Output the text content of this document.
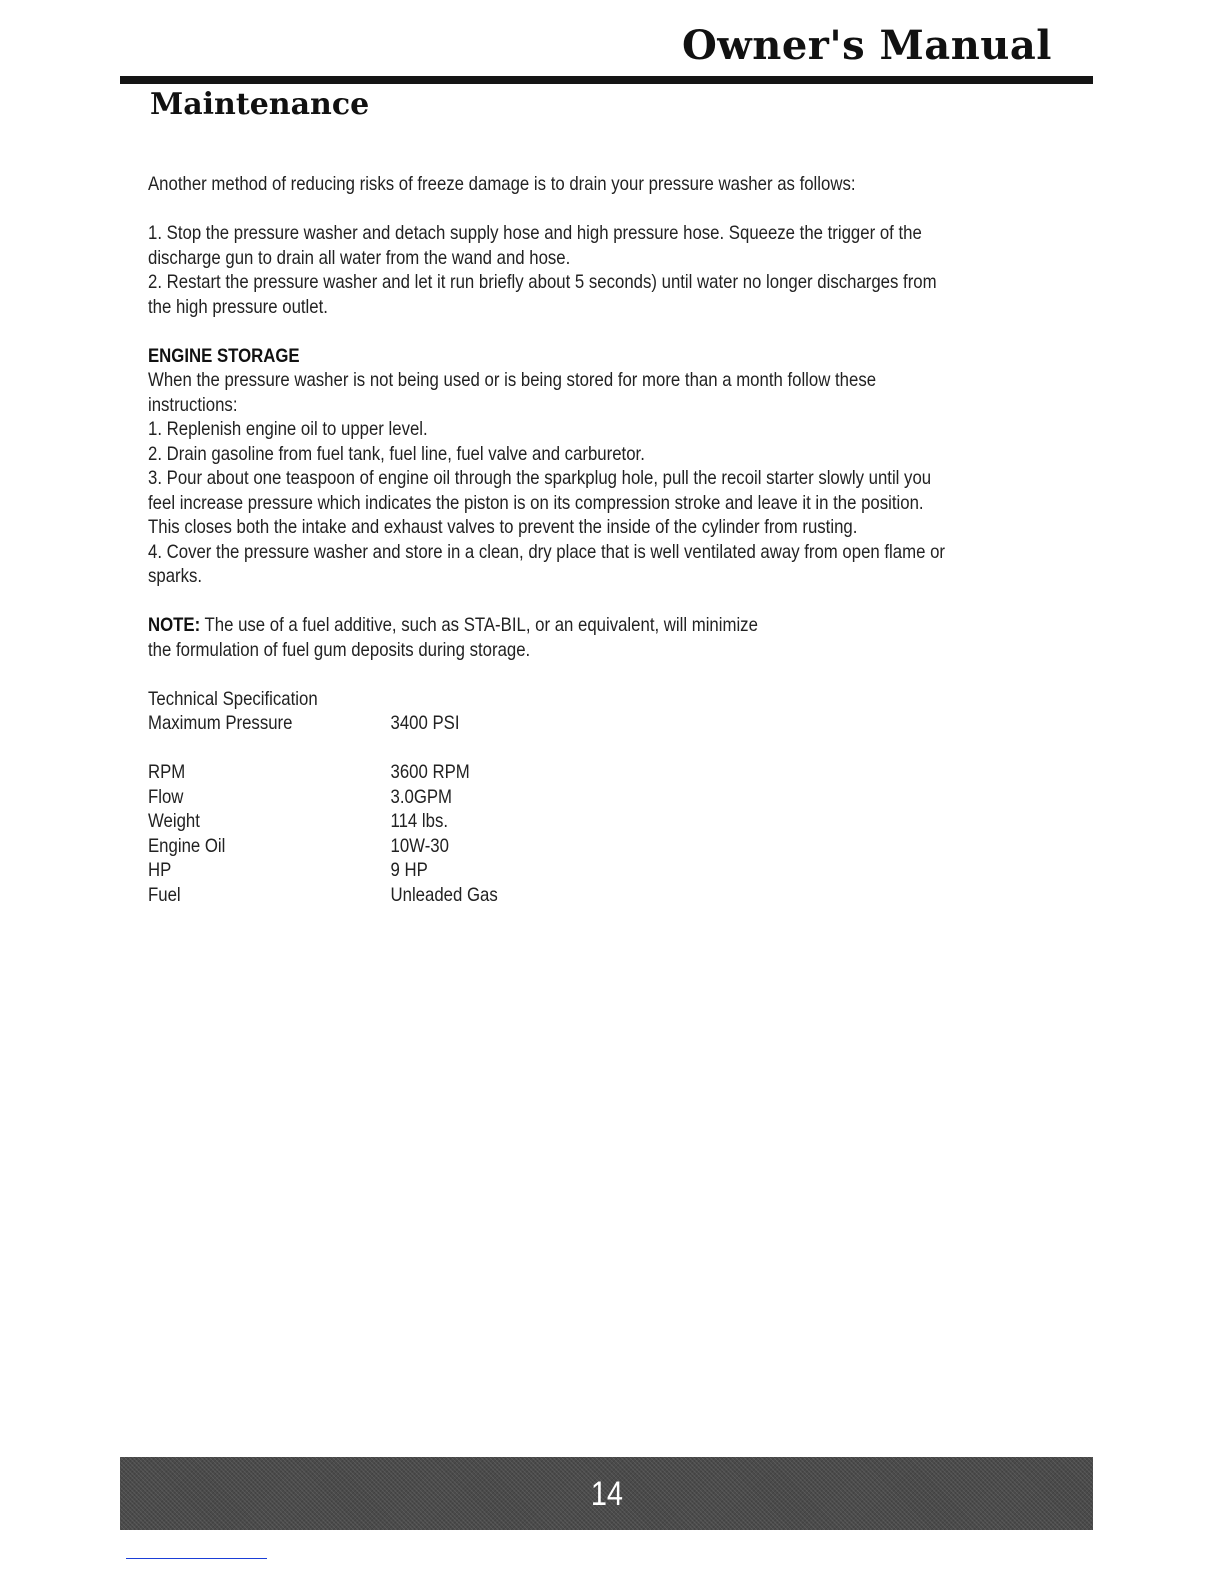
Owner's Manual
Maintenance

Another method of reducing risks of freeze damage is to drain your pressure washer as follows:

1. Stop the pressure washer and detach supply hose and high pressure hose. Squeeze the trigger of the

discharge gun to drain all water from the wand and hose.

2. Restart the pressure washer and let it run briefly about 5 seconds) until water no longer discharges from

the high pressure outlet.

ENGINE STORAGE

When the pressure washer is not being used or is being stored for more than a month follow these

instructions:

1. Replenish engine oil to upper level.

2. Drain gasoline from fuel tank, fuel line, fuel valve and carburetor.

3. Pour about one teaspoon of engine oil through the sparkplug hole, pull the recoil starter slowly until you

feel increase pressure which indicates the piston is on its compression stroke and leave it in the position.

This closes both the intake and exhaust valves to prevent the inside of the cylinder from rusting.

4. Cover the pressure washer and store in a clean, dry place that is well ventilated away from open flame or

sparks.

NOTE: The use of a fuel additive, such as STA-BIL, or an equivalent, will minimize

the formulation of fuel gum deposits during storage.

Technical Specification

Maximum Pressure	3400 PSI
RPM	3600 RPM
Flow	3.0GPM
Weight	114 lbs.
Engine Oil	10W-30
HP	9 HP
Fuel	Unleaded Gas
14
